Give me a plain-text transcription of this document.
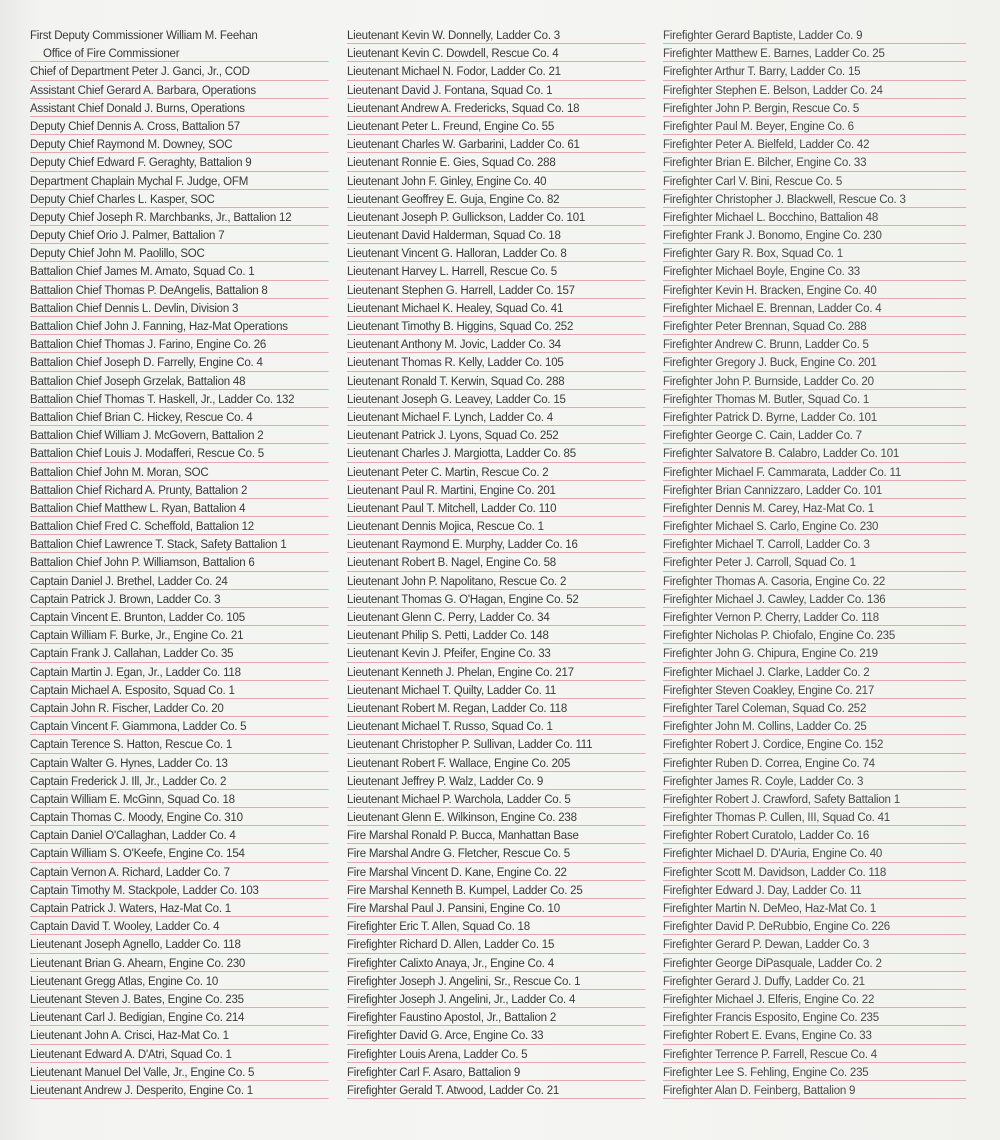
First Deputy Commissioner William M. Feehan
Office of Fire Commissioner
Chief of Department Peter J. Ganci, Jr., COD
Assistant Chief Gerard A. Barbara, Operations
Assistant Chief Donald J. Burns, Operations
Deputy Chief Dennis A. Cross, Battalion 57
Deputy Chief Raymond M. Downey, SOC
Deputy Chief Edward F. Geraghty, Battalion 9
Department Chaplain Mychal F. Judge, OFM
Deputy Chief Charles L. Kasper, SOC
Deputy Chief Joseph R. Marchbanks, Jr., Battalion 12
Deputy Chief Orio J. Palmer, Battalion 7
Deputy Chief John M. Paolillo, SOC
Battalion Chief James M. Amato, Squad Co. 1
Battalion Chief Thomas P. DeAngelis, Battalion 8
Battalion Chief Dennis L. Devlin, Division 3
Battalion Chief John J. Fanning, Haz-Mat Operations
Battalion Chief Thomas J. Farino, Engine Co. 26
Battalion Chief Joseph D. Farrelly, Engine Co. 4
Battalion Chief Joseph Grzelak, Battalion 48
Battalion Chief Thomas T. Haskell, Jr., Ladder Co. 132
Battalion Chief Brian C. Hickey, Rescue Co. 4
Battalion Chief William J. McGovern, Battalion 2
Battalion Chief Louis J. Modafferi, Rescue Co. 5
Battalion Chief John M. Moran, SOC
Battalion Chief Richard A. Prunty, Battalion 2
Battalion Chief Matthew L. Ryan, Battalion 4
Battalion Chief Fred C. Scheffold, Battalion 12
Battalion Chief Lawrence T. Stack, Safety Battalion 1
Battalion Chief John P. Williamson, Battalion 6
Captain Daniel J. Brethel, Ladder Co. 24
Captain Patrick J. Brown, Ladder Co. 3
Captain Vincent E. Brunton, Ladder Co. 105
Captain William F. Burke, Jr., Engine Co. 21
Captain Frank J. Callahan, Ladder Co. 35
Captain Martin J. Egan, Jr., Ladder Co. 118
Captain Michael A. Esposito, Squad Co. 1
Captain John R. Fischer, Ladder Co. 20
Captain Vincent F. Giammona, Ladder Co. 5
Captain Terence S. Hatton, Rescue Co. 1
Captain Walter G. Hynes, Ladder Co. 13
Captain Frederick J. Ill, Jr., Ladder Co. 2
Captain William E. McGinn, Squad Co. 18
Captain Thomas C. Moody, Engine Co. 310
Captain Daniel O'Callaghan, Ladder Co. 4
Captain William S. O'Keefe, Engine Co. 154
Captain Vernon A. Richard, Ladder Co. 7
Captain Timothy M. Stackpole, Ladder Co. 103
Captain Patrick J. Waters, Haz-Mat Co. 1
Captain David T. Wooley, Ladder Co. 4
Lieutenant Joseph Agnello, Ladder Co. 118
Lieutenant Brian G. Ahearn, Engine Co. 230
Lieutenant Gregg Atlas, Engine Co. 10
Lieutenant Steven J. Bates, Engine Co. 235
Lieutenant Carl J. Bedigian, Engine Co. 214
Lieutenant John A. Crisci, Haz-Mat Co. 1
Lieutenant Edward A. D'Atri, Squad Co. 1
Lieutenant Manuel Del Valle, Jr., Engine Co. 5
Lieutenant Andrew J. Desperito, Engine Co. 1
Lieutenant Kevin W. Donnelly, Ladder Co. 3
Lieutenant Kevin C. Dowdell, Rescue Co. 4
Lieutenant Michael N. Fodor, Ladder Co. 21
Lieutenant David J. Fontana, Squad Co. 1
Lieutenant Andrew A. Fredericks, Squad Co. 18
Lieutenant Peter L. Freund, Engine Co. 55
Lieutenant Charles W. Garbarini, Ladder Co. 61
Lieutenant Ronnie E. Gies, Squad Co. 288
Lieutenant John F. Ginley, Engine Co. 40
Lieutenant Geoffrey E. Guja, Engine Co. 82
Lieutenant Joseph P. Gullickson, Ladder Co. 101
Lieutenant David Halderman, Squad Co. 18
Lieutenant Vincent G. Halloran, Ladder Co. 8
Lieutenant Harvey L. Harrell, Rescue Co. 5
Lieutenant Stephen G. Harrell, Ladder Co. 157
Lieutenant Michael K. Healey, Squad Co. 41
Lieutenant Timothy B. Higgins, Squad Co. 252
Lieutenant Anthony M. Jovic, Ladder Co. 34
Lieutenant Thomas R. Kelly, Ladder Co. 105
Lieutenant Ronald T. Kerwin, Squad Co. 288
Lieutenant Joseph G. Leavey, Ladder Co. 15
Lieutenant Michael F. Lynch, Ladder Co. 4
Lieutenant Patrick J. Lyons, Squad Co. 252
Lieutenant Charles J. Margiotta, Ladder Co. 85
Lieutenant Peter C. Martin, Rescue Co. 2
Lieutenant Paul R. Martini, Engine Co. 201
Lieutenant Paul T. Mitchell, Ladder Co. 110
Lieutenant Dennis Mojica, Rescue Co. 1
Lieutenant Raymond E. Murphy, Ladder Co. 16
Lieutenant Robert B. Nagel, Engine Co. 58
Lieutenant John P. Napolitano, Rescue Co. 2
Lieutenant Thomas G. O'Hagan, Engine Co. 52
Lieutenant Glenn C. Perry, Ladder Co. 34
Lieutenant Philip S. Petti, Ladder Co. 148
Lieutenant Kevin J. Pfeifer, Engine Co. 33
Lieutenant Kenneth J. Phelan, Engine Co. 217
Lieutenant Michael T. Quilty, Ladder Co. 11
Lieutenant Robert M. Regan, Ladder Co. 118
Lieutenant Michael T. Russo, Squad Co. 1
Lieutenant Christopher P. Sullivan, Ladder Co. 111
Lieutenant Robert F. Wallace, Engine Co. 205
Lieutenant Jeffrey P. Walz, Ladder Co. 9
Lieutenant Michael P. Warchola, Ladder Co. 5
Lieutenant Glenn E. Wilkinson, Engine Co. 238
Fire Marshal Ronald P. Bucca, Manhattan Base
Fire Marshal Andre G. Fletcher, Rescue Co. 5
Fire Marshal Vincent D. Kane, Engine Co. 22
Fire Marshal Kenneth B. Kumpel, Ladder Co. 25
Fire Marshal Paul J. Pansini, Engine Co. 10
Firefighter Eric T. Allen, Squad Co. 18
Firefighter Richard D. Allen, Ladder Co. 15
Firefighter Calixto Anaya, Jr., Engine Co. 4
Firefighter Joseph J. Angelini, Sr., Rescue Co. 1
Firefighter Joseph J. Angelini, Jr., Ladder Co. 4
Firefighter Faustino Apostol, Jr., Battalion 2
Firefighter David G. Arce, Engine Co. 33
Firefighter Louis Arena, Ladder Co. 5
Firefighter Carl F. Asaro, Battalion 9
Firefighter Gerald T. Atwood, Ladder Co. 21
Firefighter Gerard Baptiste, Ladder Co. 9
Firefighter Matthew E. Barnes, Ladder Co. 25
Firefighter Arthur T. Barry, Ladder Co. 15
Firefighter Stephen E. Belson, Ladder Co. 24
Firefighter John P. Bergin, Rescue Co. 5
Firefighter Paul M. Beyer, Engine Co. 6
Firefighter Peter A. Bielfeld, Ladder Co. 42
Firefighter Brian E. Bilcher, Engine Co. 33
Firefighter Carl V. Bini, Rescue Co. 5
Firefighter Christopher J. Blackwell, Rescue Co. 3
Firefighter Michael L. Bocchino, Battalion 48
Firefighter Frank J. Bonomo, Engine Co. 230
Firefighter Gary R. Box, Squad Co. 1
Firefighter Michael Boyle, Engine Co. 33
Firefighter Kevin H. Bracken, Engine Co. 40
Firefighter Michael E. Brennan, Ladder Co. 4
Firefighter Peter Brennan, Squad Co. 288
Firefighter Andrew C. Brunn, Ladder Co. 5
Firefighter Gregory J. Buck, Engine Co. 201
Firefighter John P. Burnside, Ladder Co. 20
Firefighter Thomas M. Butler, Squad Co. 1
Firefighter Patrick D. Byrne, Ladder Co. 101
Firefighter George C. Cain, Ladder Co. 7
Firefighter Salvatore B. Calabro, Ladder Co. 101
Firefighter Michael F. Cammarata, Ladder Co. 11
Firefighter Brian Cannizzaro, Ladder Co. 101
Firefighter Dennis M. Carey, Haz-Mat Co. 1
Firefighter Michael S. Carlo, Engine Co. 230
Firefighter Michael T. Carroll, Ladder Co. 3
Firefighter Peter J. Carroll, Squad Co. 1
Firefighter Thomas A. Casoria, Engine Co. 22
Firefighter Michael J. Cawley, Ladder Co. 136
Firefighter Vernon P. Cherry, Ladder Co. 118
Firefighter Nicholas P. Chiofalo, Engine Co. 235
Firefighter John G. Chipura, Engine Co. 219
Firefighter Michael J. Clarke, Ladder Co. 2
Firefighter Steven Coakley, Engine Co. 217
Firefighter Tarel Coleman, Squad Co. 252
Firefighter John M. Collins, Ladder Co. 25
Firefighter Robert J. Cordice, Engine Co. 152
Firefighter Ruben D. Correa, Engine Co. 74
Firefighter James R. Coyle, Ladder Co. 3
Firefighter Robert J. Crawford, Safety Battalion 1
Firefighter Thomas P. Cullen, III, Squad Co. 41
Firefighter Robert Curatolo, Ladder Co. 16
Firefighter Michael D. D'Auria, Engine Co. 40
Firefighter Scott M. Davidson, Ladder Co. 118
Firefighter Edward J. Day, Ladder Co. 11
Firefighter Martin N. DeMeo, Haz-Mat Co. 1
Firefighter David P. DeRubbio, Engine Co. 226
Firefighter Gerard P. Dewan, Ladder Co. 3
Firefighter George DiPasquale, Ladder Co. 2
Firefighter Gerard J. Duffy, Ladder Co. 21
Firefighter Michael J. Elferis, Engine Co. 22
Firefighter Francis Esposito, Engine Co. 235
Firefighter Robert E. Evans, Engine Co. 33
Firefighter Terrence P. Farrell, Rescue Co. 4
Firefighter Lee S. Fehling, Engine Co. 235
Firefighter Alan D. Feinberg, Battalion 9
